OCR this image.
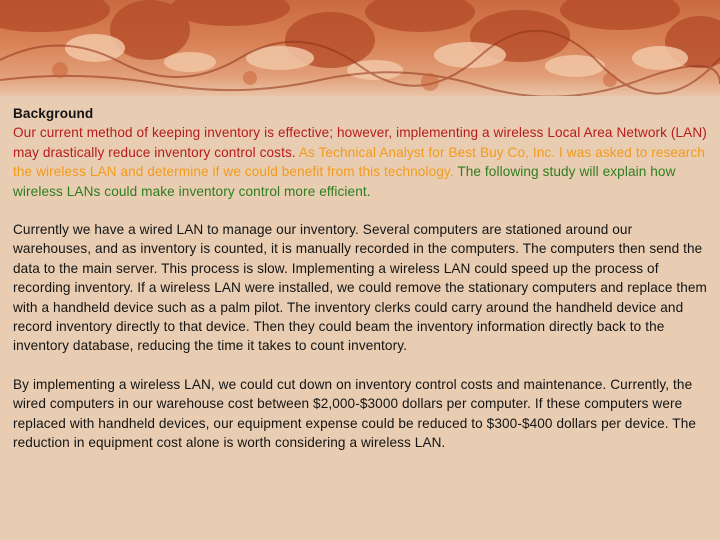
Background

Our current method of keeping inventory is effective; however, implementing a wireless Local Area Network (LAN) may drastically reduce inventory control costs. As Technical Analyst for Best Buy Co, Inc. I was asked to research the wireless LAN and determine if we could benefit from this technology. The following study will explain how wireless LANs could make inventory control more efficient.

Currently we have a wired LAN to manage our inventory. Several computers are stationed around our warehouses, and as inventory is counted, it is manually recorded in the computers. The computers then send the data to the main server. This process is slow. Implementing a wireless LAN could speed up the process of recording inventory. If a wireless LAN were installed, we could remove the stationary computers and replace them with a handheld device such as a palm pilot. The inventory clerks could carry around the handheld device and record inventory directly to that device. Then they could beam the inventory information directly back to the inventory database, reducing the time it takes to count inventory.

By implementing a wireless LAN, we could cut down on inventory control costs and maintenance. Currently, the wired computers in our warehouse cost between $2,000-$3000 dollars per computer. If these computers were replaced with handheld devices, our equipment expense could be reduced to $300-$400 dollars per device. The reduction in equipment cost alone is worth considering a wireless LAN.
